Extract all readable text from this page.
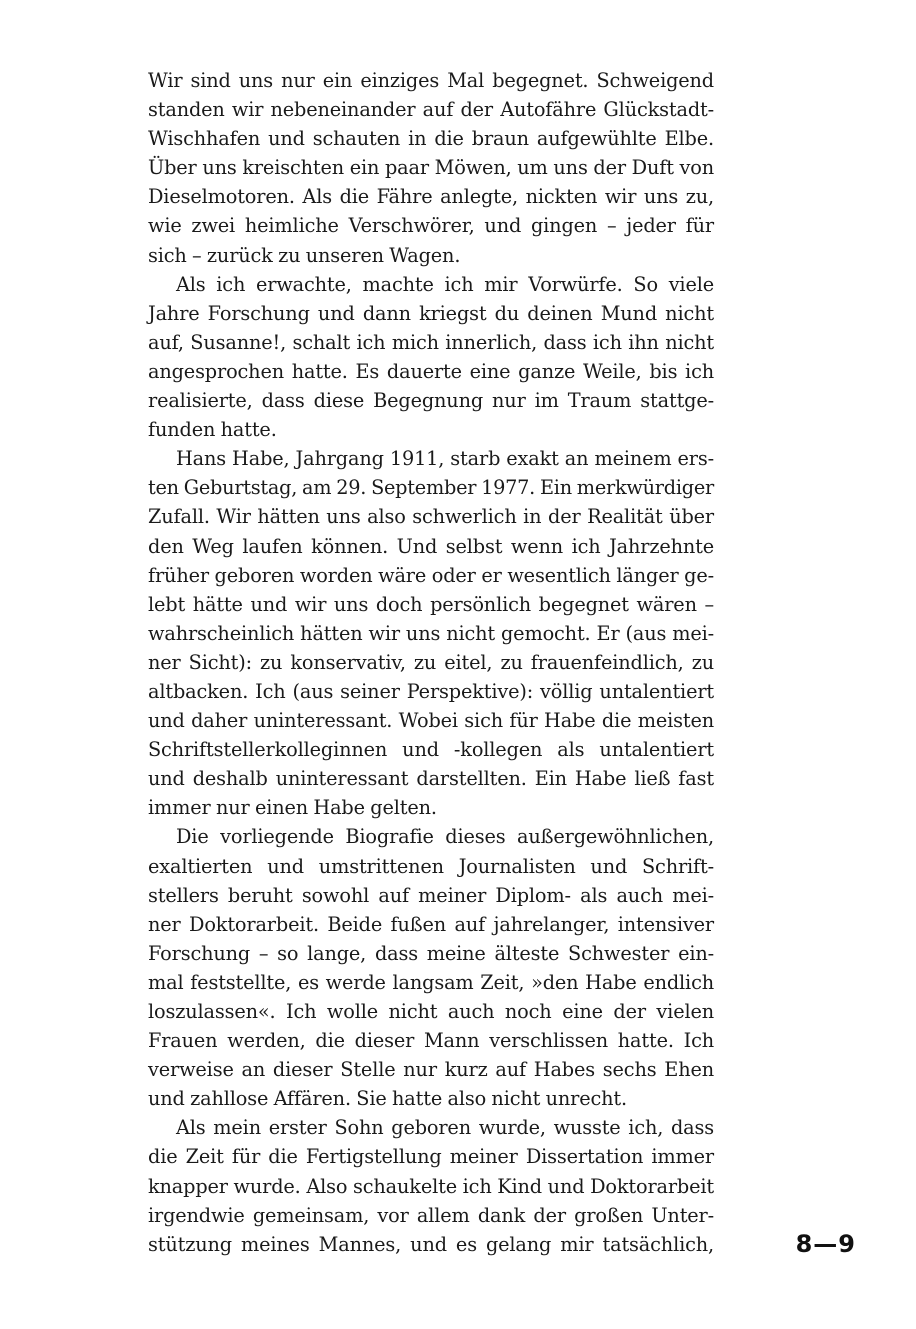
Wir sind uns nur ein einziges Mal begegnet. Schweigend
standen wir nebeneinander auf der Autofähre Glückstadt-
Wischhafen und schauten in die braun aufgewühlte Elbe.
Über uns kreischten ein paar Möwen, um uns der Duft von
Dieselmotoren. Als die Fähre anlegte, nickten wir uns zu,
wie zwei heimliche Verschwörer, und gingen – jeder für
sich – zurück zu unseren Wagen.
Als ich erwachte, machte ich mir Vorwürfe. So viele
Jahre Forschung und dann kriegst du deinen Mund nicht
auf, Susanne!, schalt ich mich innerlich, dass ich ihn nicht
angesprochen hatte. Es dauerte eine ganze Weile, bis ich
realisierte, dass diese Begegnung nur im Traum stattge-
funden hatte.
Hans Habe, Jahrgang 1911, starb exakt an meinem ers-
ten Geburtstag, am 29. September 1977. Ein merkwürdiger
Zufall. Wir hätten uns also schwerlich in der Realität über
den Weg laufen können. Und selbst wenn ich Jahrzehnte
früher geboren worden wäre oder er wesentlich länger ge-
lebt hätte und wir uns doch persönlich begegnet wären –
wahrscheinlich hätten wir uns nicht gemocht. Er (aus mei-
ner Sicht): zu konservativ, zu eitel, zu frauenfeindlich, zu
altbacken. Ich (aus seiner Perspektive): völlig untalentiert
und daher uninteressant. Wobei sich für Habe die meisten
Schriftstellerkolleginnen und -kollegen als untalentiert
und deshalb uninteressant darstellten. Ein Habe ließ fast
immer nur einen Habe gelten.
Die vorliegende Biografie dieses außergewöhnlichen,
exaltierten und umstrittenen Journalisten und Schrift-
stellers beruht sowohl auf meiner Diplom- als auch mei-
ner Doktorarbeit. Beide fußen auf jahrelanger, intensiver
Forschung – so lange, dass meine älteste Schwester ein-
mal feststellte, es werde langsam Zeit, »den Habe endlich
loszulassen«. Ich wolle nicht auch noch eine der vielen
Frauen werden, die dieser Mann verschlissen hatte. Ich
verweise an dieser Stelle nur kurz auf Habes sechs Ehen
und zahllose Affären. Sie hatte also nicht unrecht.
Als mein erster Sohn geboren wurde, wusste ich, dass
die Zeit für die Fertigstellung meiner Dissertation immer
knapper wurde. Also schaukelte ich Kind und Doktorarbeit
irgendwie gemeinsam, vor allem dank der großen Unter-
stützung meines Mannes, und es gelang mir tatsächlich,	8—9
